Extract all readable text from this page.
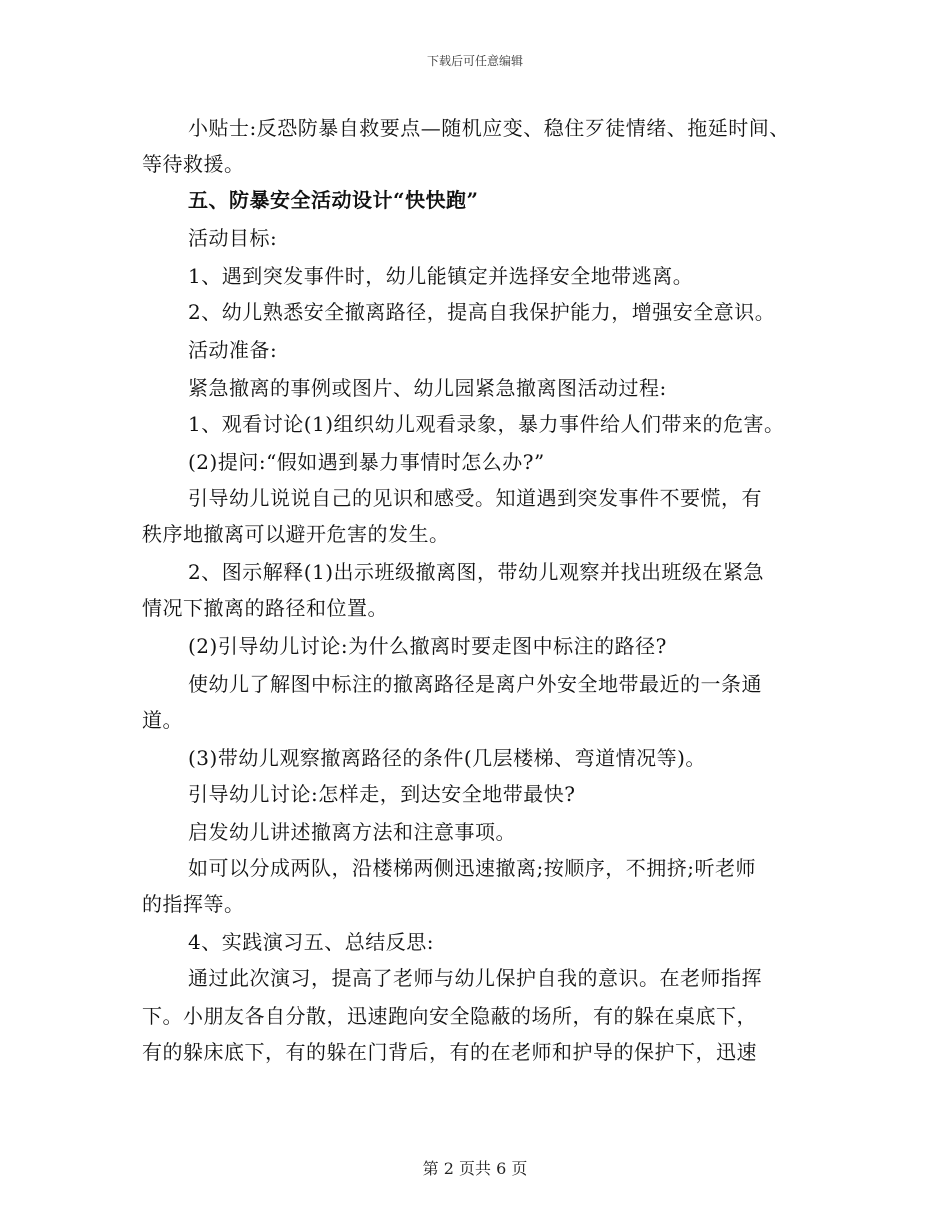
下载后可任意编辑
小贴士:反恐防暴自救要点—随机应变、稳住歹徒情绪、拖延时间、
等待救援。
五、防暴安全活动设计“快快跑”
活动目标:
1、遇到突发事件时，幼儿能镇定并选择安全地带逃离。
2、幼儿熟悉安全撤离路径，提高自我保护能力，增强安全意识。
活动准备:
紧急撤离的事例或图片、幼儿园紧急撤离图活动过程:
1、观看讨论(1)组织幼儿观看录象，暴力事件给人们带来的危害。
(2)提问:“假如遇到暴力事情时怎么办?”
引导幼儿说说自己的见识和感受。知道遇到突发事件不要慌，有
秩序地撤离可以避开危害的发生。
2、图示解释(1)出示班级撤离图，带幼儿观察并找出班级在紧急
情况下撤离的路径和位置。
(2)引导幼儿讨论:为什么撤离时要走图中标注的路径?
使幼儿了解图中标注的撤离路径是离户外安全地带最近的一条通
道。
(3)带幼儿观察撤离路径的条件(几层楼梯、弯道情况等)。
引导幼儿讨论:怎样走，到达安全地带最快?
启发幼儿讲述撤离方法和注意事项。
如可以分成两队，沿楼梯两侧迅速撤离;按顺序，不拥挤;听老师
的指挥等。
4、实践演习五、总结反思:
通过此次演习，提高了老师与幼儿保护自我的意识。在老师指挥
下。小朋友各自分散，迅速跑向安全隐蔽的场所，有的躲在桌底下，
有的躲床底下，有的躲在门背后，有的在老师和护导的保护下，迅速
第 2 页共 6 页
